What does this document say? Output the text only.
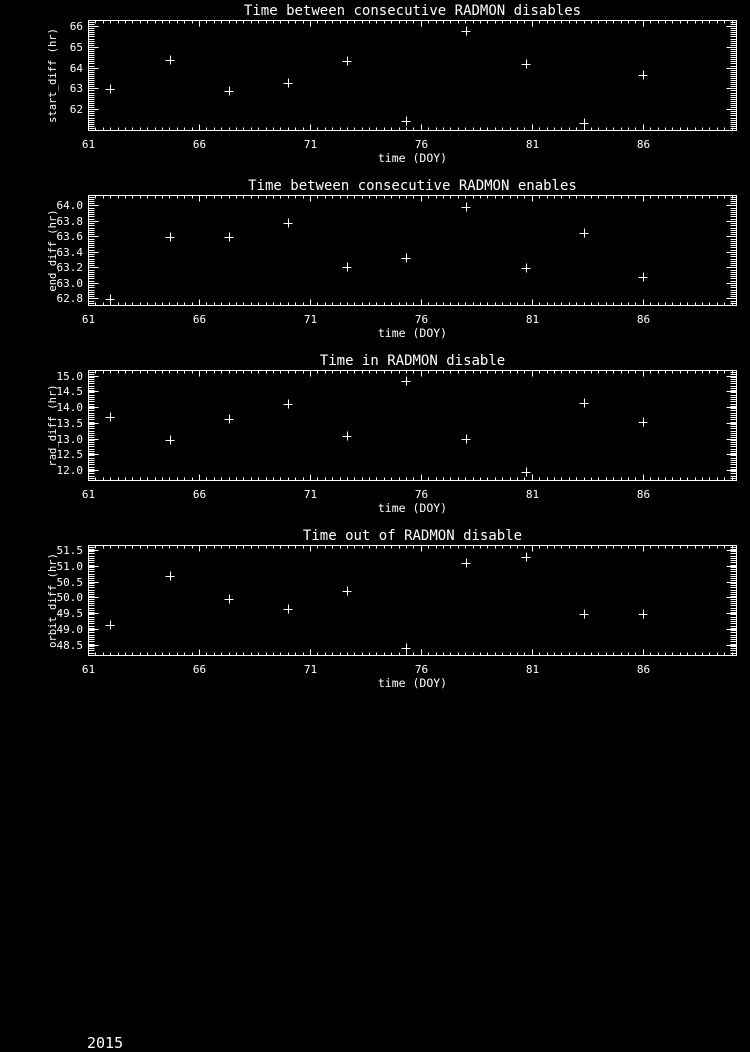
Time between consecutive RADMON disables
61	66	71	76	81	86
time (DOY)
62
63
64
65
66
start_diff (hr)
Time between consecutive RADMON enables
61	66	71	76	81	86
time (DOY)
62.8
63.0
63.2
63.4
63.6
63.8
64.0
end_diff (hr)
Time in RADMON disable
61	66	71	76	81	86
time (DOY)
12.0
12.5
13.0
13.5
14.0
14.5
15.0
rad_diff (hr)
Time out of RADMON disable
61	66	71	76	81	86
time (DOY)
48.5
49.0
49.5
50.0
50.5
51.0
51.5
orbit_diff (hr)
2015
